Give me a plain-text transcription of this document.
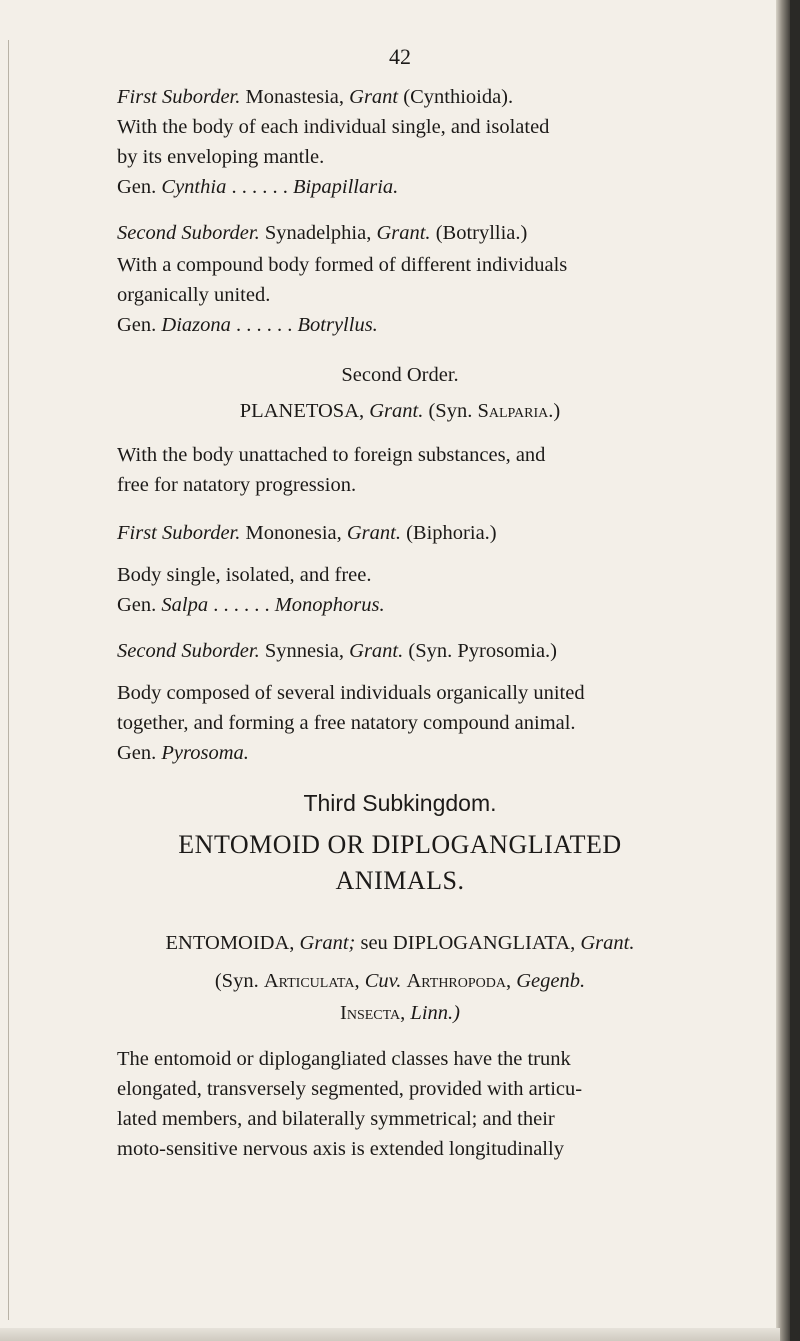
42
First Suborder. Monastesia, Grant (Cynthioida).
With the body of each individual single, and isolated
by its enveloping mantle.
Gen. Cynthia . . . . . . Bipapillaria.
Second Suborder. Synadelphia, Grant. (Botryllia.)
With a compound body formed of different individuals
organically united.
Gen. Diazona . . . . . . Botryllus.
Second Order.
PLANETOSA, Grant. (Syn. Salparia.)
With the body unattached to foreign substances, and
free for natatory progression.
First Suborder. Mononesia, Grant. (Biphoria.)
Body single, isolated, and free.
Gen. Salpa . . . . . . Monophorus.
Second Suborder. Synnesia, Grant. (Syn. Pyrosomia.)
Body composed of several individuals organically united
together, and forming a free natatory compound animal.
Gen. Pyrosoma.
Third Subkingdom.
ENTOMOID OR DIPLOGANGLIATED
ANIMALS.
ENTOMOIDA, Grant; seu DIPLOGANGLIATA, Grant.
(Syn. Articulata, Cuv. Arthropoda, Gegenb.
Insecta, Linn.)
The entomoid or diplogangliated classes have the trunk
elongated, transversely segmented, provided with articu-
lated members, and bilaterally symmetrical; and their
moto-sensitive nervous axis is extended longitudinally
